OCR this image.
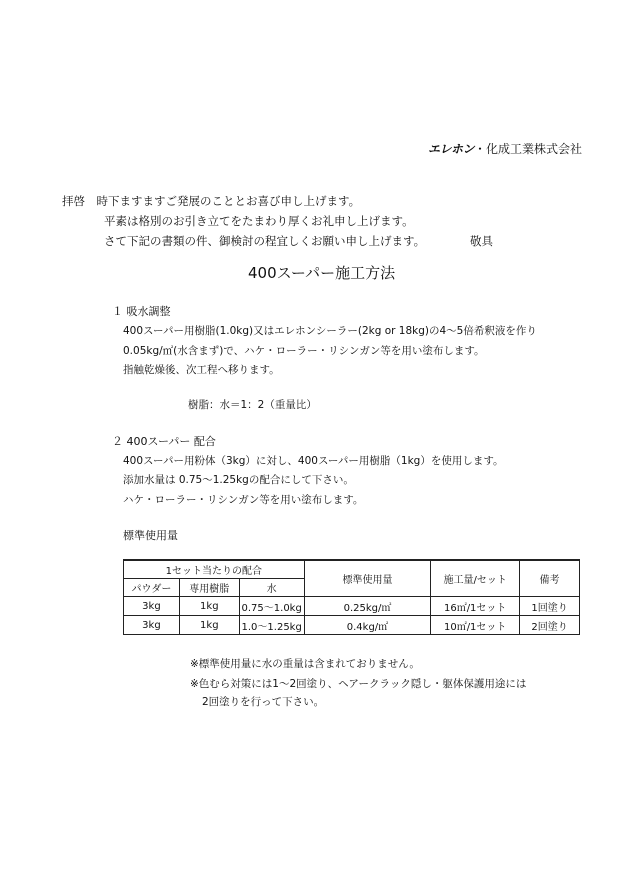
エレホン・化成工業株式会社
拝啓　時下ますますご発展のこととお喜び申し上げます。
平素は格別のお引き立てをたまわり厚くお礼申し上げます。
さて下記の書類の件、御検討の程宜しくお願い申し上げます。	敬具
400スーパー施工方法
１ 吸水調整
400スーパー用樹脂(1.0kg)又はエレホンシーラー(2kg or 18kg)の4～5倍希釈液を作り
0.05kg/㎡(水含まず)で、ハケ・ローラー・リシンガン等を用い塗布します。
指触乾燥後、次工程へ移ります。
樹脂：水＝1：2（重量比）
２ 400スーパー 配合
400スーパー用粉体（3kg）に対し、400スーパー用樹脂（1kg）を使用します。
添加水量は 0.75～1.25kgの配合にして下さい。
ハケ・ローラー・リシンガン等を用い塗布します。
標準使用量
1セット当たりの配合			標準使用量	施工量/セット	備考
パウダー	専用樹脂	水			
3kg	1kg	0.75～1.0kg	0.25kg/㎡	16㎡/1セット	1回塗り
3kg	1kg	1.0～1.25kg	0.4kg/㎡	10㎡/1セット	2回塗り
※標準使用量に水の重量は含まれておりません。
※色むら対策には1～2回塗り、ヘアークラック隠し・躯体保護用途には
2回塗りを行って下さい。
